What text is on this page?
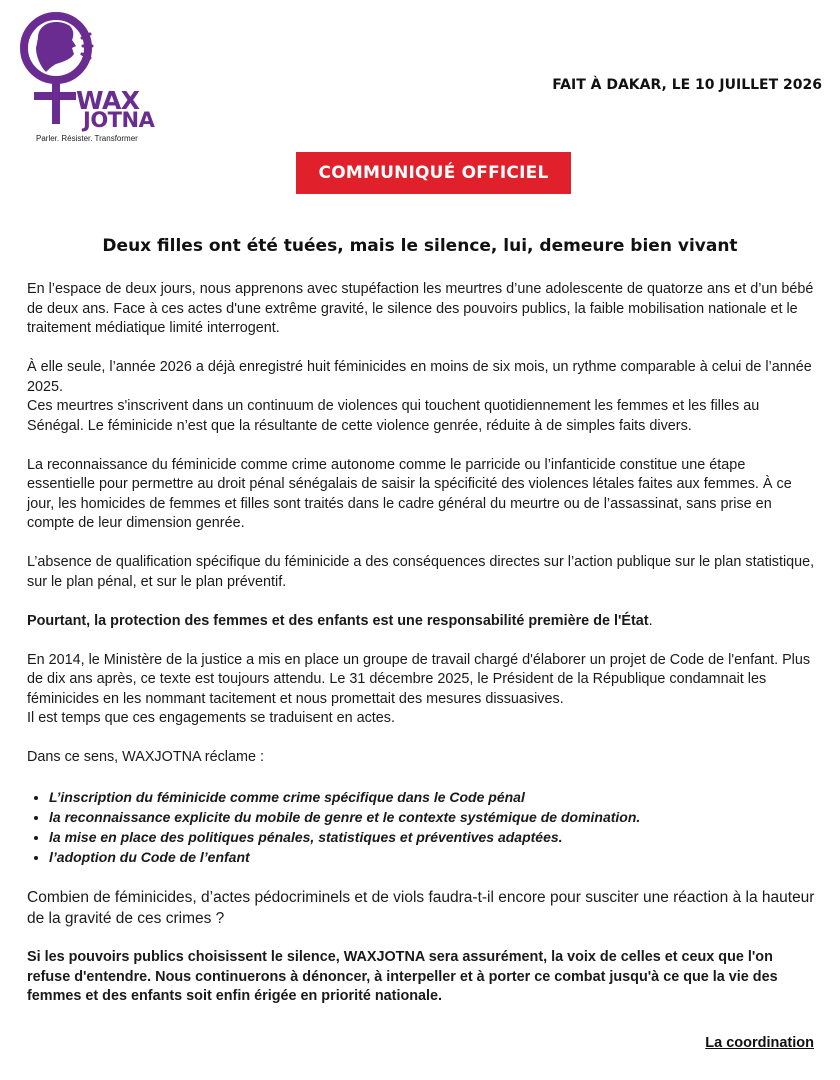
WAX
JOTNA
Parler. Résister. Transformer
FAIT À DAKAR, LE 10 JUILLET 2026
COMMUNIQUÉ OFFICIEL
Deux filles ont été tuées, mais le silence, lui, demeure bien vivant

En l’espace de deux jours, nous apprenons avec stupéfaction les meurtres d’une adolescente de quatorze ans et d’un bébé de deux ans. Face à ces actes d'une extrême gravité, le silence des pouvoirs publics, la faible mobilisation nationale et le traitement médiatique limité interrogent.

À elle seule, l’année 2026 a déjà enregistré huit féminicides en moins de six mois, un rythme comparable à celui de l’année 2025.

Ces meurtres s'inscrivent dans un continuum de violences qui touchent quotidiennement les femmes et les filles au Sénégal. Le féminicide n’est que la résultante de cette violence genrée, réduite à de simples faits divers.

La reconnaissance du féminicide comme crime autonome comme le parricide ou l’infanticide constitue une étape essentielle pour permettre au droit pénal sénégalais de saisir la spécificité des violences létales faites aux femmes. À ce jour, les homicides de femmes et filles sont traités dans le cadre général du meurtre ou de l’assassinat, sans prise en compte de leur dimension genrée.

L’absence de qualification spécifique du féminicide a des conséquences directes sur l’action publique sur le plan statistique, sur le plan pénal, et sur le plan préventif.

Pourtant, la protection des femmes et des enfants est une responsabilité première de l'État.

En 2014, le Ministère de la justice a mis en place un groupe de travail chargé d'élaborer un projet de Code de l'enfant. Plus de dix ans après, ce texte est toujours attendu. Le 31 décembre 2025, le Président de la République condamnait les féminicides en les nommant tacitement et nous promettait des mesures dissuasives.

Il est temps que ces engagements se traduisent en actes.

Dans ce sens, WAXJOTNA réclame :

• L’inscription du féminicide comme crime spécifique dans le Code pénal
• la reconnaissance explicite du mobile de genre et le contexte systémique de domination.
• la mise en place des politiques pénales, statistiques et préventives adaptées.
• l’adoption du Code de l’enfant

Combien de féminicides, d’actes pédocriminels et de viols faudra-t-il encore pour susciter une réaction à la hauteur de la gravité de ces crimes ?

Si les pouvoirs publics choisissent le silence, WAXJOTNA sera assurément, la voix de celles et ceux que l'on refuse d'entendre. Nous continuerons à dénoncer, à interpeller et à porter ce combat jusqu'à ce que la vie des femmes et des enfants soit enfin érigée en priorité nationale.

La coordination
